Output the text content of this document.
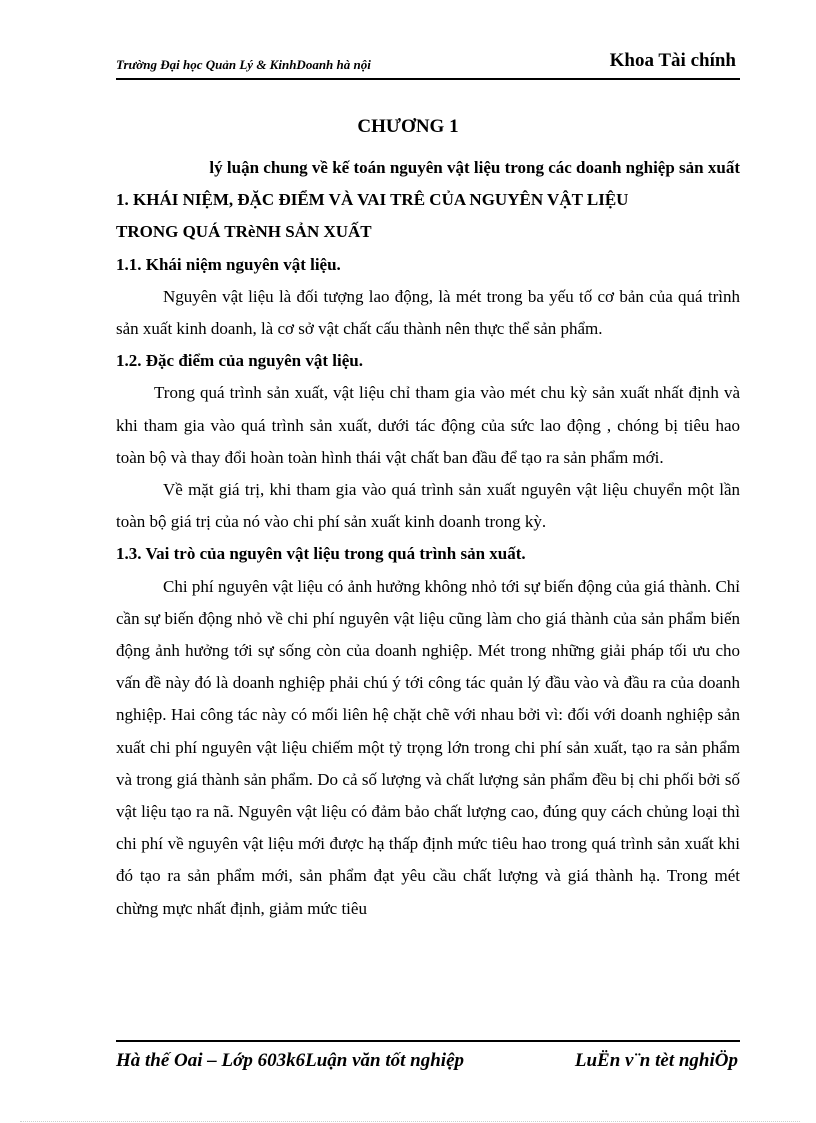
Trường Đại học Quản Lý & KinhDoanh hà nội	Khoa Tài chính
CHƯƠNG 1

lý luận chung về kế toán nguyên vật liệu trong các doanh nghiệp sản xuất

1. KHÁI NIỆM, ĐẶC ĐIỂM VÀ VAI TRÊ CỦA NGUYÊN VẬT LIỆU

TRONG QUÁ TRèNH SẢN XUẤT

1.1. Khái niệm nguyên vật liệu.

Nguyên vật liệu là đối tượng lao động, là mét trong ba yếu tố cơ bản của quá trình sản xuất kinh doanh, là cơ sở vật chất cấu thành nên thực thể sản phẩm.

1.2. Đặc điểm của nguyên vật liệu.

Trong quá trình sản xuất, vật liệu chỉ tham gia vào mét chu kỳ sản xuất nhất định và khi tham gia vào quá trình sản xuất, dưới tác động của sức lao động , chóng bị tiêu hao toàn bộ và thay đổi hoàn toàn hình thái vật chất ban đầu để tạo ra sản phẩm mới.

Về mặt giá trị, khi tham gia vào quá trình sản xuất nguyên vật liệu chuyển một lần toàn bộ giá trị của nó vào chi phí sản xuất kinh doanh trong kỳ.

1.3. Vai trò của nguyên vật liệu trong quá trình sản xuất.

Chi phí nguyên vật liệu có ảnh hưởng không nhỏ tới sự biến động của giá thành. Chỉ cần sự biến động nhỏ về chi phí nguyên vật liệu cũng làm cho giá thành của sản phẩm biến động ảnh hưởng tới sự sống còn của doanh nghiệp. Mét trong những giải pháp tối ưu cho vấn đề này đó là doanh nghiệp phải chú ý tới công tác quản lý đầu vào và đầu ra của doanh nghiệp. Hai công tác này có mối liên hệ chặt chẽ với nhau bởi vì: đối với doanh nghiệp sản xuất chi phí nguyên vật liệu chiếm một tỷ trọng lớn trong chi phí sản xuất, tạo ra sản phẩm và trong giá thành sản phẩm. Do cả số lượng và chất lượng sản phẩm đều bị chi phối bởi số vật liệu tạo ra nã. Nguyên vật liệu có đảm bảo chất lượng cao, đúng quy cách chủng loại thì chi phí về nguyên vật liệu mới được hạ thấp định mức tiêu hao trong quá trình sản xuất khi đó tạo ra sản phẩm mới, sản phẩm đạt yêu cầu chất lượng và giá thành hạ. Trong mét chừng mực nhất định, giảm mức tiêu

Hà thế Oai – Lớp 603k6Luận văn tốt nghiệp	LuËn v¨n tèt nghiÖp
